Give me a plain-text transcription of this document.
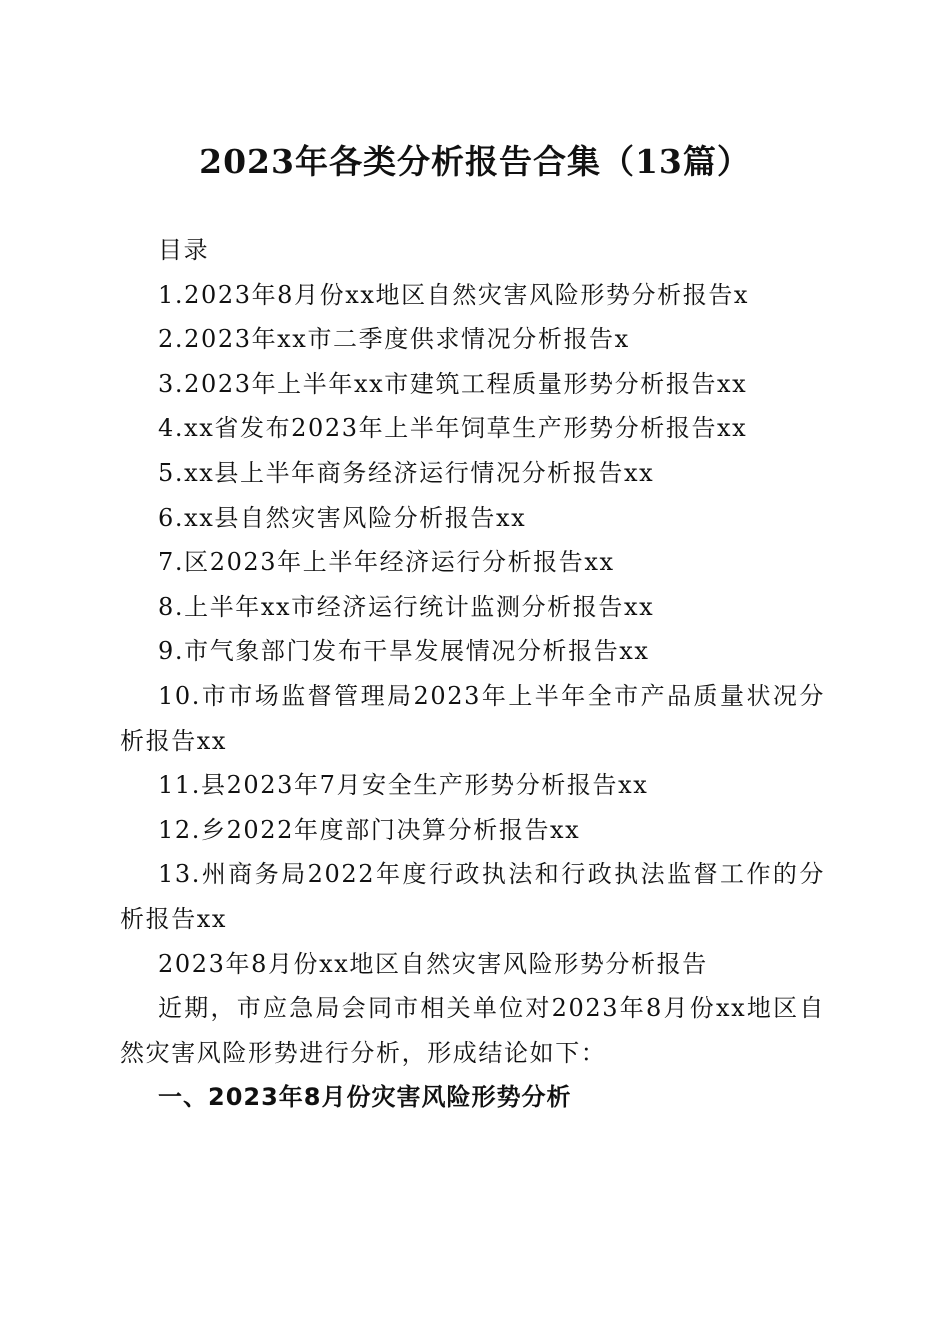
2023年各类分析报告合集（13篇）

目录

1.2023年8月份xx地区自然灾害风险形势分析报告x

2.2023年xx市二季度供求情况分析报告x

3.2023年上半年xx市建筑工程质量形势分析报告xx

4.xx省发布2023年上半年饲草生产形势分析报告xx

5.xx县上半年商务经济运行情况分析报告xx

6.xx县自然灾害风险分析报告xx

7.区2023年上半年经济运行分析报告xx

8.上半年xx市经济运行统计监测分析报告xx

9.市气象部门发布干旱发展情况分析报告xx

10.市市场监督管理局2023年上半年全市产品质量状况分析报告xx

11.县2023年7月安全生产形势分析报告xx

12.乡2022年度部门决算分析报告xx

13.州商务局2022年度行政执法和行政执法监督工作的分析报告xx

2023年8月份xx地区自然灾害风险形势分析报告

近期，市应急局会同市相关单位对2023年8月份xx地区自然灾害风险形势进行分析，形成结论如下：

一、2023年8月份灾害风险形势分析
